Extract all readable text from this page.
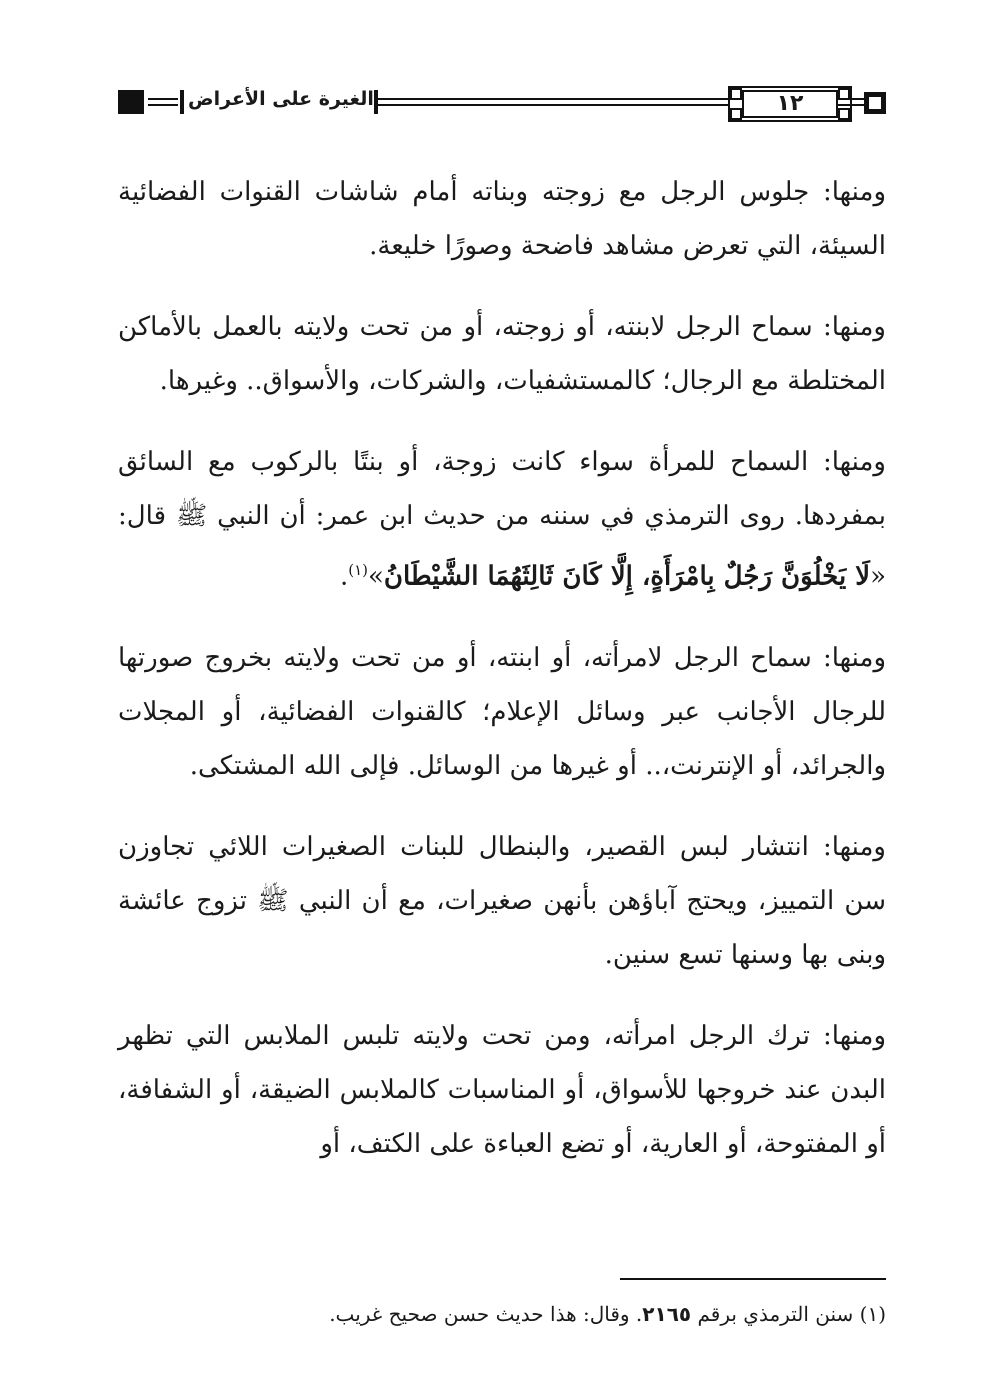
١٢
الغيرة على الأعراض

ومنها: جلوس الرجل مع زوجته وبناته أمام شاشات القنوات الفضائية السيئة، التي تعرض مشاهد فاضحة وصورًا خليعة.

ومنها: سماح الرجل لابنته، أو زوجته، أو من تحت ولايته بالعمل بالأماكن المختلطة مع الرجال؛ كالمستشفيات، والشركات، والأسواق.. وغيرها.

ومنها: السماح للمرأة سواء كانت زوجة، أو بنتًا بالركوب مع السائق بمفردها. روى الترمذي في سننه من حديث ابن عمر: أن النبي ﷺ قال: «لَا يَخْلُوَنَّ رَجُلٌ بِامْرَأَةٍ، إِلَّا كَانَ ثَالِثَهُمَا الشَّيْطَانُ»$^{(١)}$.

ومنها: سماح الرجل لامرأته، أو ابنته، أو من تحت ولايته بخروج صورتها للرجال الأجانب عبر وسائل الإعلام؛ كالقنوات الفضائية، أو المجلات والجرائد، أو الإنترنت،.. أو غيرها من الوسائل. فإلى الله المشتكى.

ومنها: انتشار لبس القصير، والبنطال للبنات الصغيرات اللائي تجاوزن سن التمييز، ويحتج آباؤهن بأنهن صغيرات، مع أن النبي ﷺ تزوج عائشة وبنى بها وسنها تسع سنين.

ومنها: ترك الرجل امرأته، ومن تحت ولايته تلبس الملابس التي تظهر البدن عند خروجها للأسواق، أو المناسبات كالملابس الضيقة، أو الشفافة، أو المفتوحة، أو العارية، أو تضع العباءة على الكتف، أو

(١) سنن الترمذي برقم ٢١٦٥. وقال: هذا حديث حسن صحيح غريب.
